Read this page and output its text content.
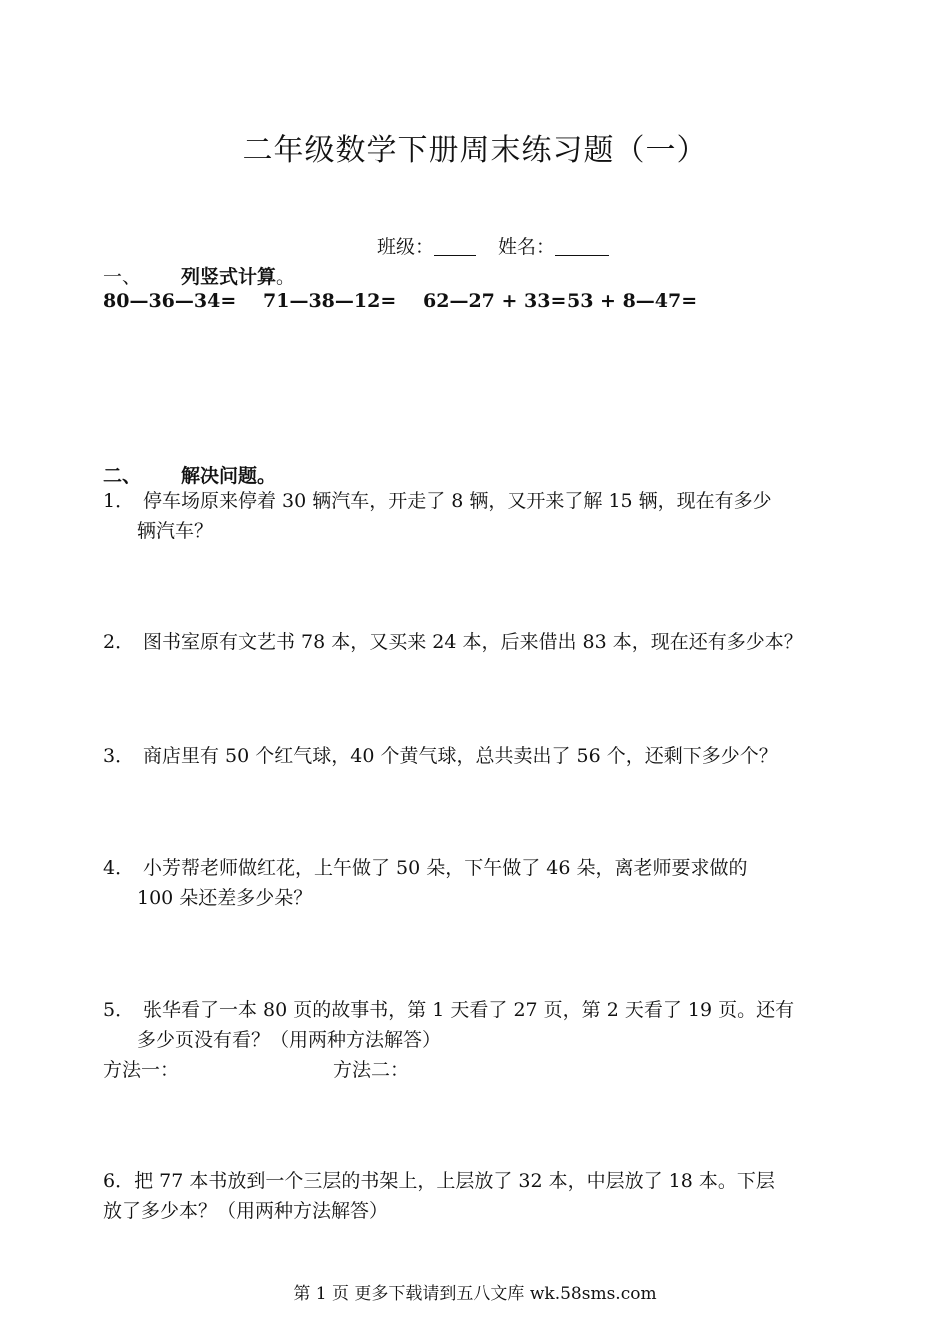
二年级数学下册周末练习题（一）
班级：	姓名：
一、 列竖式计算。
80—36—34= 71—38—12= 62—27 + 33= 53 + 8—47=
二、 解决问题。
1． 停车场原来停着 30 辆汽车，开走了 8 辆，又开来了解 15 辆，现在有多少
辆汽车？
2． 图书室原有文艺书 78 本，又买来 24 本，后来借出 83 本，现在还有多少本？
3． 商店里有 50 个红气球，40 个黄气球，总共卖出了 56 个，还剩下多少个？
4． 小芳帮老师做红花，上午做了 50 朵，下午做了 46 朵，离老师要求做的
100 朵还差多少朵？
5． 张华看了一本 80 页的故事书，第 1 天看了 27 页，第 2 天看了 19 页。还有
多少页没有看？（用两种方法解答）
方法一：	方法二：
6．把 77 本书放到一个三层的书架上，上层放了 32 本，中层放了 18 本。下层
放了多少本？（用两种方法解答）
第 1 页 更多下载请到五八文库 wk.58sms.com
